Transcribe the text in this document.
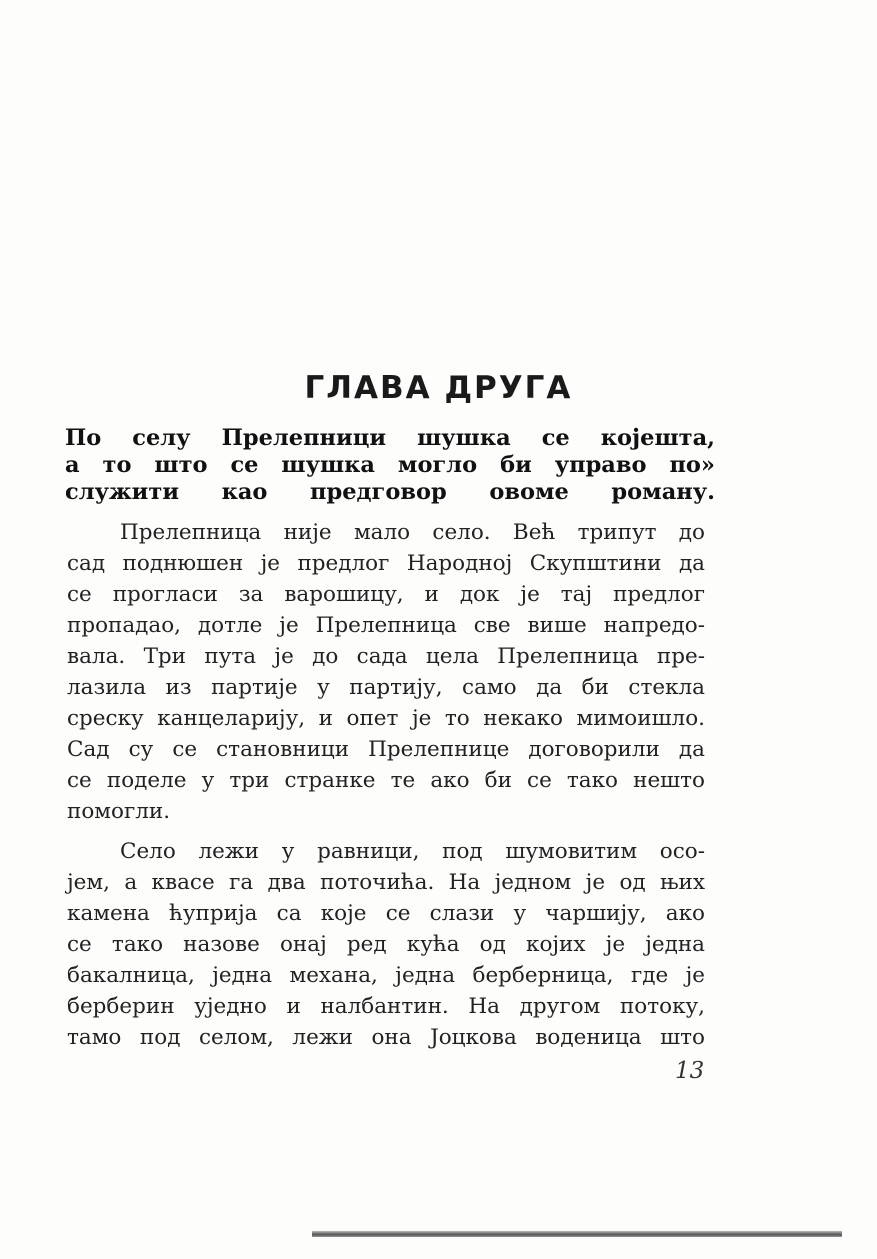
ГЛАВА ДРУГА
По селу Прелепници шушка се којешта,
а то што се шушка могло би управо по»
служити као предговор овоме роману.

Прелепница није мало село. Већ трипут до
сад поднюшен је предлог Народној Скупштини да
се прогласи за варошицу, и док је тај предлог
пропадао, дотле је Прелепница све више напредо-
вала. Три пута је до сада цела Прелепница пре-
лазила из партије у партију, само да би стекла
среску канцеларију, и опет је то некако мимоишло.
Сад су се становници Прелепнице договорили да
се поделе у три странке те ако би се тако нешто
помогли.

Село лежи у равници, под шумовитим осо-
јем, а квасе га два поточића. На једном је од њих
камена ћуприја са које се слази у чаршију, ако
се тако назове онај ред кућа од којих је једна
бакалница, једна механа, једна берберница, где је
берберин уједно и налбантин. На другом потоку,
тамо под селом, лежи она Јоцкова воденица што

13
